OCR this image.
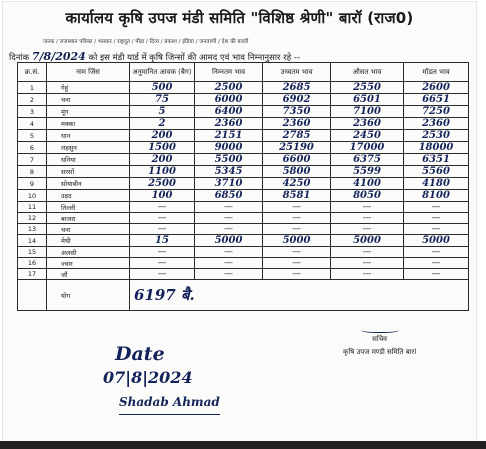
कार्यालय कृषि उपज मंडी समिति "विशिष्ठ श्रेणी" बारॉ (राज0)
जनक / राजस्थान पत्रिका / भास्कर / राष्ट्रदूत / पीडा / दिव्य / प्रकाश / इंडिया / जनवाणी / देश की बजरी
दिनांक 7/8/2024 को इस मंडी यार्ड में कृषि जिन्सों की आमद एवं भाव निम्नानुसार रहे --
क्र.सं.	नाम जिंस	अनुमानित आवक (बैग)	निम्नतम भाव	उच्चतम भाव	औसत भाव	मॉडल भाव
1	गेहूं	500	2500	2685	2550	2600
2	चना	75	6000	6902	6501	6651
3	मूंग	5	6400	7350	7100	7250
4	मक्का	2	2360	2360	2360	2360
5	धान	200	2151	2785	2450	2530
6	लहसुन	1500	9000	25190	17000	18000
7	धनिया	200	5500	6600	6375	6351
8	सरसों	1100	5345	5800	5599	5560
9	सोयाबीन	2500	3710	4250	4100	4180
10	उड़द	100	6850	8581	8050	8100
11	तिल्ली	—	—	—	—	—
12	बाजरा	—	—	—	—	—
13	चना	—	—	—	—	—
14	मेथी	15	5000	5000	5000	5000
15	अलसी	—	—	—	—	—
16	ज्वार	—	—	—	—	—
17	जौ	—	—	—	—	—
	योग	6197 बै.				
Date
07|8|2024
Shadab Ahmad
सचिव
कृषि उपज मण्डी समिति बारां
